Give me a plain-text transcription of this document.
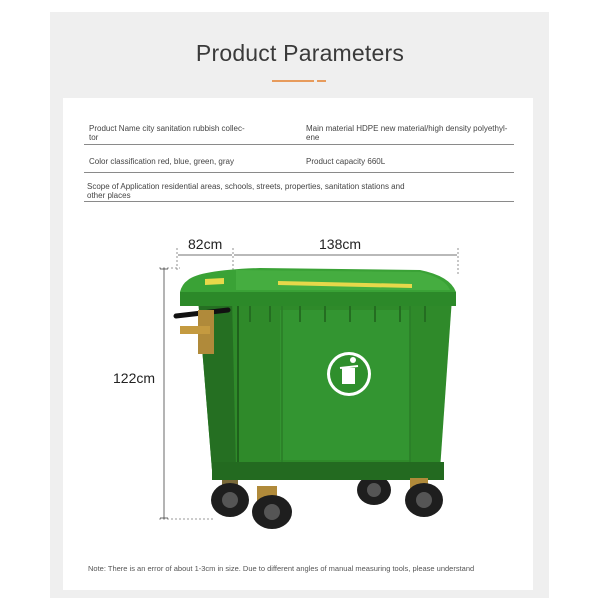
Product Parameters
Product Name city sanitation rubbish collec-
tor
Main material HDPE new material/high density polyethyl-
ene
Color classification red, blue, green, gray	Product capacity 660L
Scope of Application residential areas, schools, streets, properties, sanitation stations and
other places
82cm	138cm
122cm
Note: There is an error of about 1-3cm in size. Due to different angles of manual measuring tools, please understand
